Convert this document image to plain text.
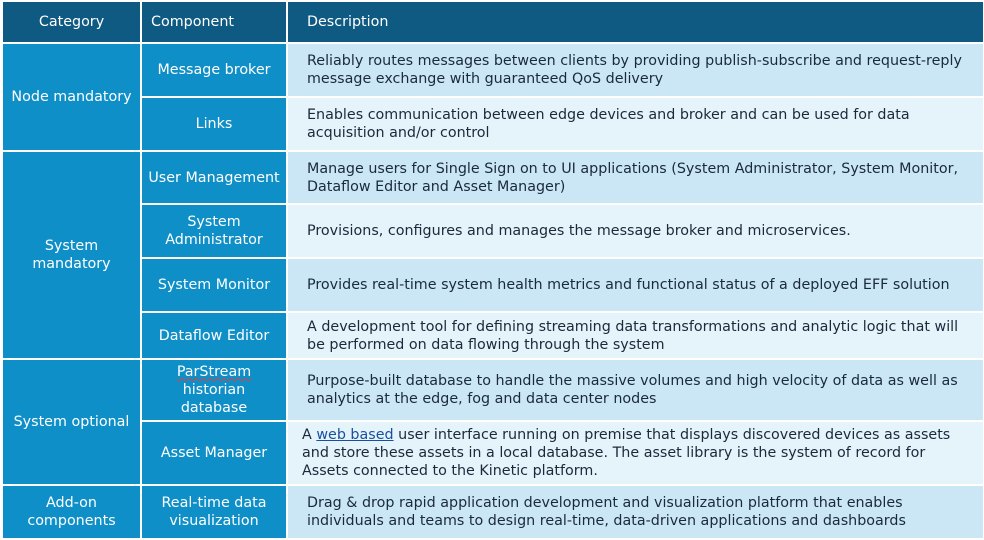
Category	Component	Description
Node mandatory	Message broker	Reliably routes messages between clients by providing publish-subscribe and request-reply message exchange with guaranteed QoS delivery
	Links	Enables communication between edge devices and broker and can be used for data acquisition and/or control
System mandatory	User Management	Manage users for Single Sign on to UI applications (System Administrator, System Monitor, Dataflow Editor and Asset Manager)
	System Administrator	Provisions, configures and manages the message broker and microservices.
	System Monitor	Provides real-time system health metrics and functional status of a deployed EFF solution
	Dataflow Editor	A development tool for defining streaming data transformations and analytic logic that will be performed on data flowing through the system
System optional	ParStream historian database	Purpose-built database to handle the massive volumes and high velocity of data as well as analytics at the edge, fog and data center nodes
	Asset Manager	A web based user interface running on premise that displays discovered devices as assets and store these assets in a local database. The asset library is the system of record for Assets connected to the Kinetic platform.
Add-on components	Real-time data visualization	Drag & drop rapid application development and visualization platform that enables individuals and teams to design real-time, data-driven applications and dashboards
